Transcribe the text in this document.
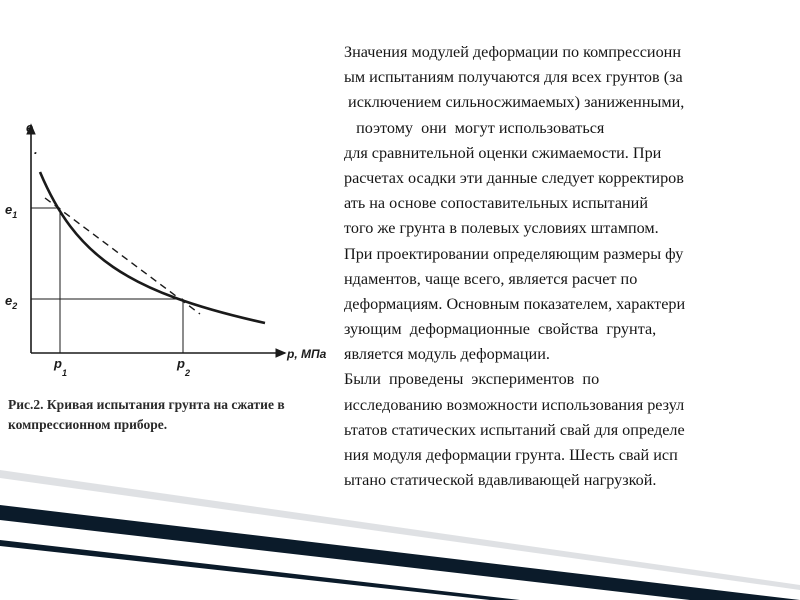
e
.
$e_1$
$e_2$
$p_1$
$p_2$
p, МПа

Рис.2. Кривая испытания грунта на сжатие в компрессионном приборе.

Значения модулей деформации по компрессионн
ым испытаниям получаются для всех грунтов (за
исключением сильносжимаемых) заниженными,
поэтому  они  могут использоваться
для сравнительной оценки сжимаемости. При
расчетах осадки эти данные следует корректиров
ать на основе сопоставительных испытаний
того же грунта в полевых условиях штампом.
При проектировании определяющим размеры фу
ндаментов, чаще всего, является расчет по
деформациям. Основным показателем, характери
зующим  деформационные  свойства  грунта,
является модуль деформации.
Были  проведены  экспериментов  по
исследованию возможности использования резул
ьтатов статических испытаний свай для определе
ния модуля деформации грунта. Шесть свай исп
ытано статической вдавливающей нагрузкой.
